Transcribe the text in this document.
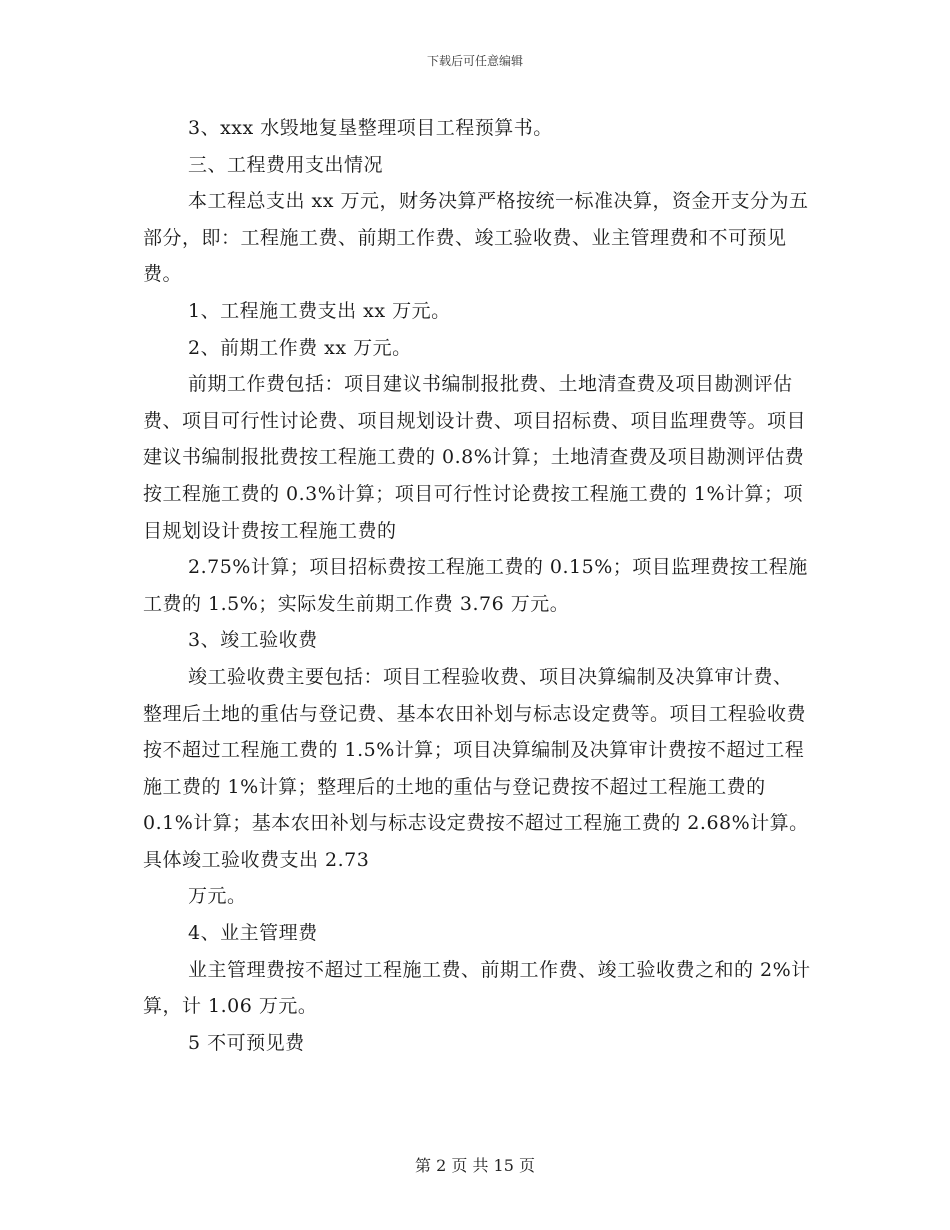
下载后可任意编辑

3、xxx 水毁地复垦整理项目工程预算书。

三、工程费用支出情况

本工程总支出 xx 万元，财务决算严格按统一标准决算，资金开支分为五部分，即：工程施工费、前期工作费、竣工验收费、业主管理费和不可预见费。

1、工程施工费支出 xx 万元。

2、前期工作费 xx 万元。

前期工作费包括：项目建议书编制报批费、土地清查费及项目勘测评估费、项目可行性讨论费、项目规划设计费、项目招标费、项目监理费等。项目建议书编制报批费按工程施工费的 0.8%计算；土地清查费及项目勘测评估费按工程施工费的 0.3%计算；项目可行性讨论费按工程施工费的 1%计算；项目规划设计费按工程施工费的

2.75%计算；项目招标费按工程施工费的 0.15%；项目监理费按工程施工费的 1.5%；实际发生前期工作费 3.76 万元。

3、竣工验收费

竣工验收费主要包括：项目工程验收费、项目决算编制及决算审计费、整理后土地的重估与登记费、基本农田补划与标志设定费等。项目工程验收费按不超过工程施工费的 1.5%计算；项目决算编制及决算审计费按不超过工程施工费的 1%计算；整理后的土地的重估与登记费按不超过工程施工费的 0.1%计算；基本农田补划与标志设定费按不超过工程施工费的 2.68%计算。具体竣工验收费支出 2.73

万元。

4、业主管理费

业主管理费按不超过工程施工费、前期工作费、竣工验收费之和的 2%计算，计 1.06 万元。

5 不可预见费

第 2 页 共 15 页
